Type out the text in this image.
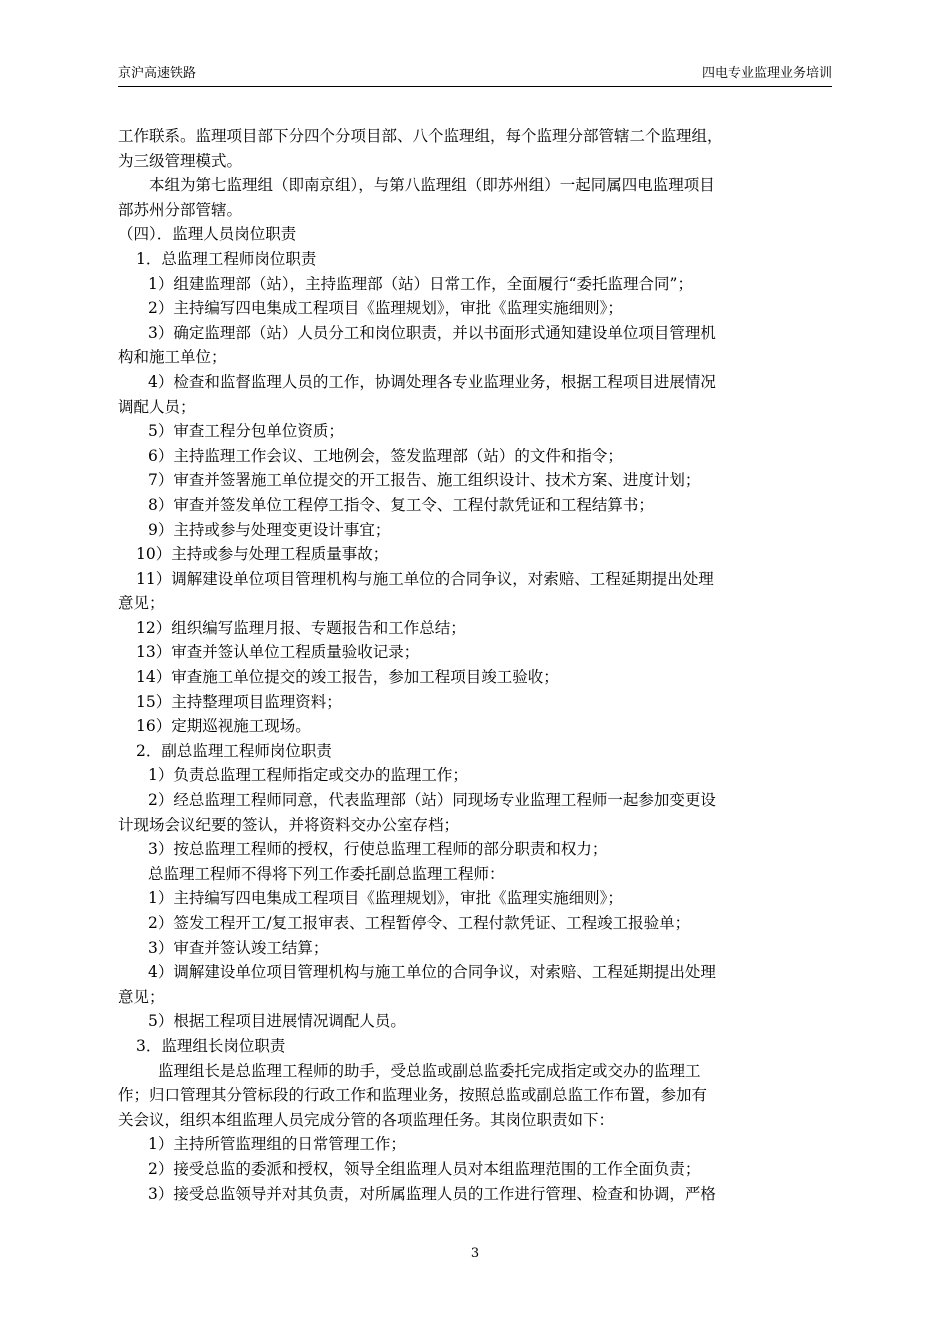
京沪高速铁路	四电专业监理业务培训

工作联系。监理项目部下分四个分项目部、八个监理组，每个监理分部管辖二个监理组，

为三级管理模式。

本组为第七监理组（即南京组），与第八监理组（即苏州组）一起同属四电监理项目

部苏州分部管辖。

（四）．监理人员岗位职责

1．总监理工程师岗位职责

1）组建监理部（站），主持监理部（站）日常工作，全面履行“委托监理合同”；

2）主持编写四电集成工程项目《监理规划》，审批《监理实施细则》；

3）确定监理部（站）人员分工和岗位职责，并以书面形式通知建设单位项目管理机

构和施工单位；

4）检查和监督监理人员的工作，协调处理各专业监理业务，根据工程项目进展情况

调配人员；

5）审查工程分包单位资质；

6）主持监理工作会议、工地例会，签发监理部（站）的文件和指令；

7）审查并签署施工单位提交的开工报告、施工组织设计、技术方案、进度计划；

8）审查并签发单位工程停工指令、复工令、工程付款凭证和工程结算书；

9）主持或参与处理变更设计事宜；

10）主持或参与处理工程质量事故；

11）调解建设单位项目管理机构与施工单位的合同争议，对索赔、工程延期提出处理

意见；

12）组织编写监理月报、专题报告和工作总结；

13）审查并签认单位工程质量验收记录；

14）审查施工单位提交的竣工报告，参加工程项目竣工验收；

15）主持整理项目监理资料；

16）定期巡视施工现场。

2．副总监理工程师岗位职责

1）负责总监理工程师指定或交办的监理工作；

2）经总监理工程师同意，代表监理部（站）同现场专业监理工程师一起参加变更设

计现场会议纪要的签认，并将资料交办公室存档；

3）按总监理工程师的授权，行使总监理工程师的部分职责和权力；

总监理工程师不得将下列工作委托副总监理工程师：

1）主持编写四电集成工程项目《监理规划》，审批《监理实施细则》；

2）签发工程开工/复工报审表、工程暂停令、工程付款凭证、工程竣工报验单；

3）审查并签认竣工结算；

4）调解建设单位项目管理机构与施工单位的合同争议，对索赔、工程延期提出处理

意见；

5）根据工程项目进展情况调配人员。

3．监理组长岗位职责

监理组长是总监理工程师的助手，受总监或副总监委托完成指定或交办的监理工

作；归口管理其分管标段的行政工作和监理业务，按照总监或副总监工作布置，参加有

关会议，组织本组监理人员完成分管的各项监理任务。其岗位职责如下：

1）主持所管监理组的日常管理工作；

2）接受总监的委派和授权，领导全组监理人员对本组监理范围的工作全面负责；

3）接受总监领导并对其负责，对所属监理人员的工作进行管理、检查和协调，严格

3
